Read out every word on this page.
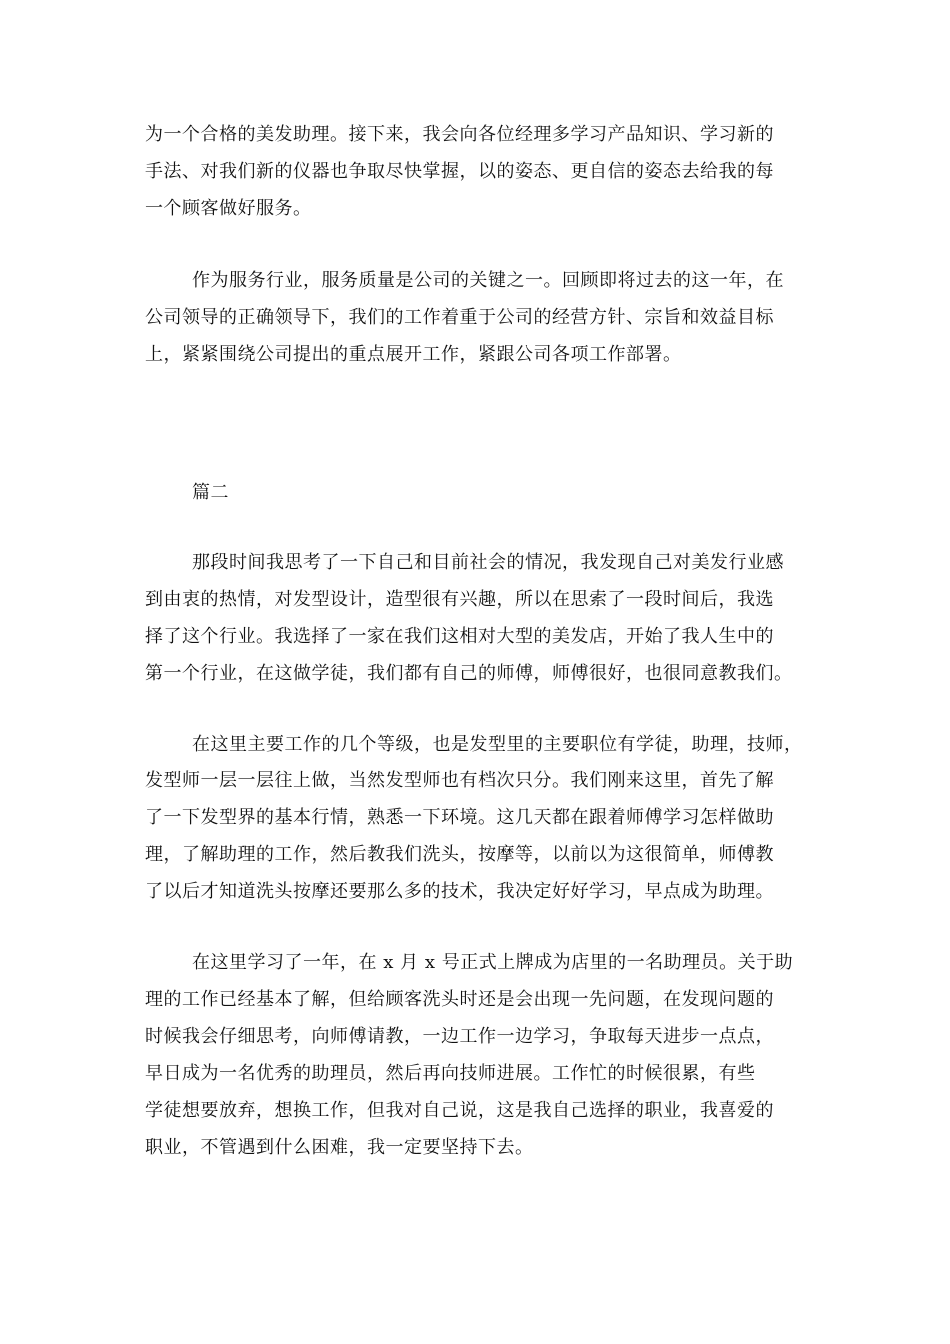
为一个合格的美发助理。接下来，我会向各位经理多学习产品知识、学习新的
手法、对我们新的仪器也争取尽快掌握，以的姿态、更自信的姿态去给我的每
一个顾客做好服务。
作为服务行业，服务质量是公司的关键之一。回顾即将过去的这一年，在
公司领导的正确领导下，我们的工作着重于公司的经营方针、宗旨和效益目标
上，紧紧围绕公司提出的重点展开工作，紧跟公司各项工作部署。
篇二
那段时间我思考了一下自己和目前社会的情况，我发现自己对美发行业感
到由衷的热情，对发型设计，造型很有兴趣，所以在思索了一段时间后，我选
择了这个行业。我选择了一家在我们这相对大型的美发店，开始了我人生中的
第一个行业，在这做学徒，我们都有自己的师傅，师傅很好，也很同意教我们。
在这里主要工作的几个等级，也是发型里的主要职位有学徒，助理，技师，
发型师一层一层往上做，当然发型师也有档次只分。我们刚来这里，首先了解
了一下发型界的基本行情，熟悉一下环境。这几天都在跟着师傅学习怎样做助
理，了解助理的工作，然后教我们洗头，按摩等，以前以为这很简单，师傅教
了以后才知道洗头按摩还要那么多的技术，我决定好好学习，早点成为助理。
在这里学习了一年，在 x 月 x 号正式上牌成为店里的一名助理员。关于助
理的工作已经基本了解，但给顾客洗头时还是会出现一先问题，在发现问题的
时候我会仔细思考，向师傅请教，一边工作一边学习，争取每天进步一点点，
早日成为一名优秀的助理员，然后再向技师进展。工作忙的时候很累，有些
学徒想要放弃，想换工作，但我对自己说，这是我自己选择的职业，我喜爱的
职业，不管遇到什么困难，我一定要坚持下去。
